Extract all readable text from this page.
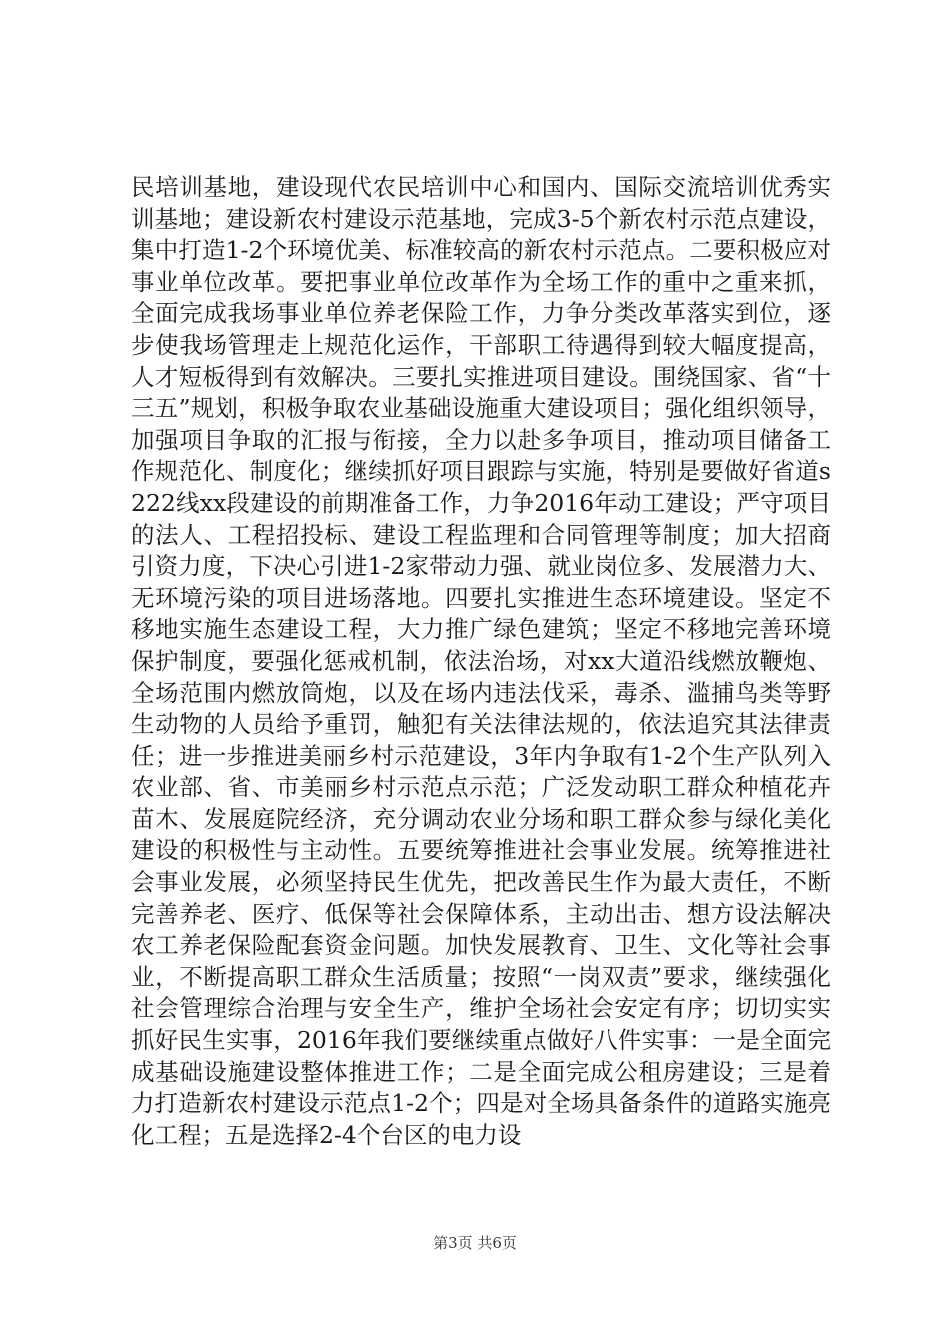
民培训基地，建设现代农民培训中心和国内、国际交流培训优秀实训基地；建设新农村建设示范基地，完成3-5个新农村示范点建设，集中打造1-2个环境优美、标准较高的新农村示范点。二要积极应对事业单位改革。要把事业单位改革作为全场工作的重中之重来抓，全面完成我场事业单位养老保险工作，力争分类改革落实到位，逐步使我场管理走上规范化运作，干部职工待遇得到较大幅度提高，人才短板得到有效解决。三要扎实推进项目建设。围绕国家、省“十三五”规划，积极争取农业基础设施重大建设项目；强化组织领导，加强项目争取的汇报与衔接，全力以赴多争项目，推动项目储备工作规范化、制度化；继续抓好项目跟踪与实施，特别是要做好省道s222线xx段建设的前期准备工作，力争2016年动工建设；严守项目的法人、工程招投标、建设工程监理和合同管理等制度；加大招商引资力度，下决心引进1-2家带动力强、就业岗位多、发展潜力大、无环境污染的项目进场落地。四要扎实推进生态环境建设。坚定不移地实施生态建设工程，大力推广绿色建筑；坚定不移地完善环境保护制度，要强化惩戒机制，依法治场，对xx大道沿线燃放鞭炮、全场范围内燃放筒炮，以及在场内违法伐采，毒杀、滥捕鸟类等野生动物的人员给予重罚，触犯有关法律法规的，依法追究其法律责任；进一步推进美丽乡村示范建设，3年内争取有1-2个生产队列入农业部、省、市美丽乡村示范点示范；广泛发动职工群众种植花卉苗木、发展庭院经济，充分调动农业分场和职工群众参与绿化美化建设的积极性与主动性。五要统筹推进社会事业发展。统筹推进社会事业发展，必须坚持民生优先，把改善民生作为最大责任，不断完善养老、医疗、低保等社会保障体系，主动出击、想方设法解决农工养老保险配套资金问题。加快发展教育、卫生、文化等社会事业，不断提高职工群众生活质量；按照“一岗双责”要求，继续强化社会管理综合治理与安全生产，维护全场社会安定有序；切切实实抓好民生实事，2016年我们要继续重点做好八件实事：一是全面完成基础设施建设整体推进工作；二是全面完成公租房建设；三是着力打造新农村建设示范点1-2个；四是对全场具备条件的道路实施亮化工程；五是选择2-4个台区的电力设

第3页 共6页
